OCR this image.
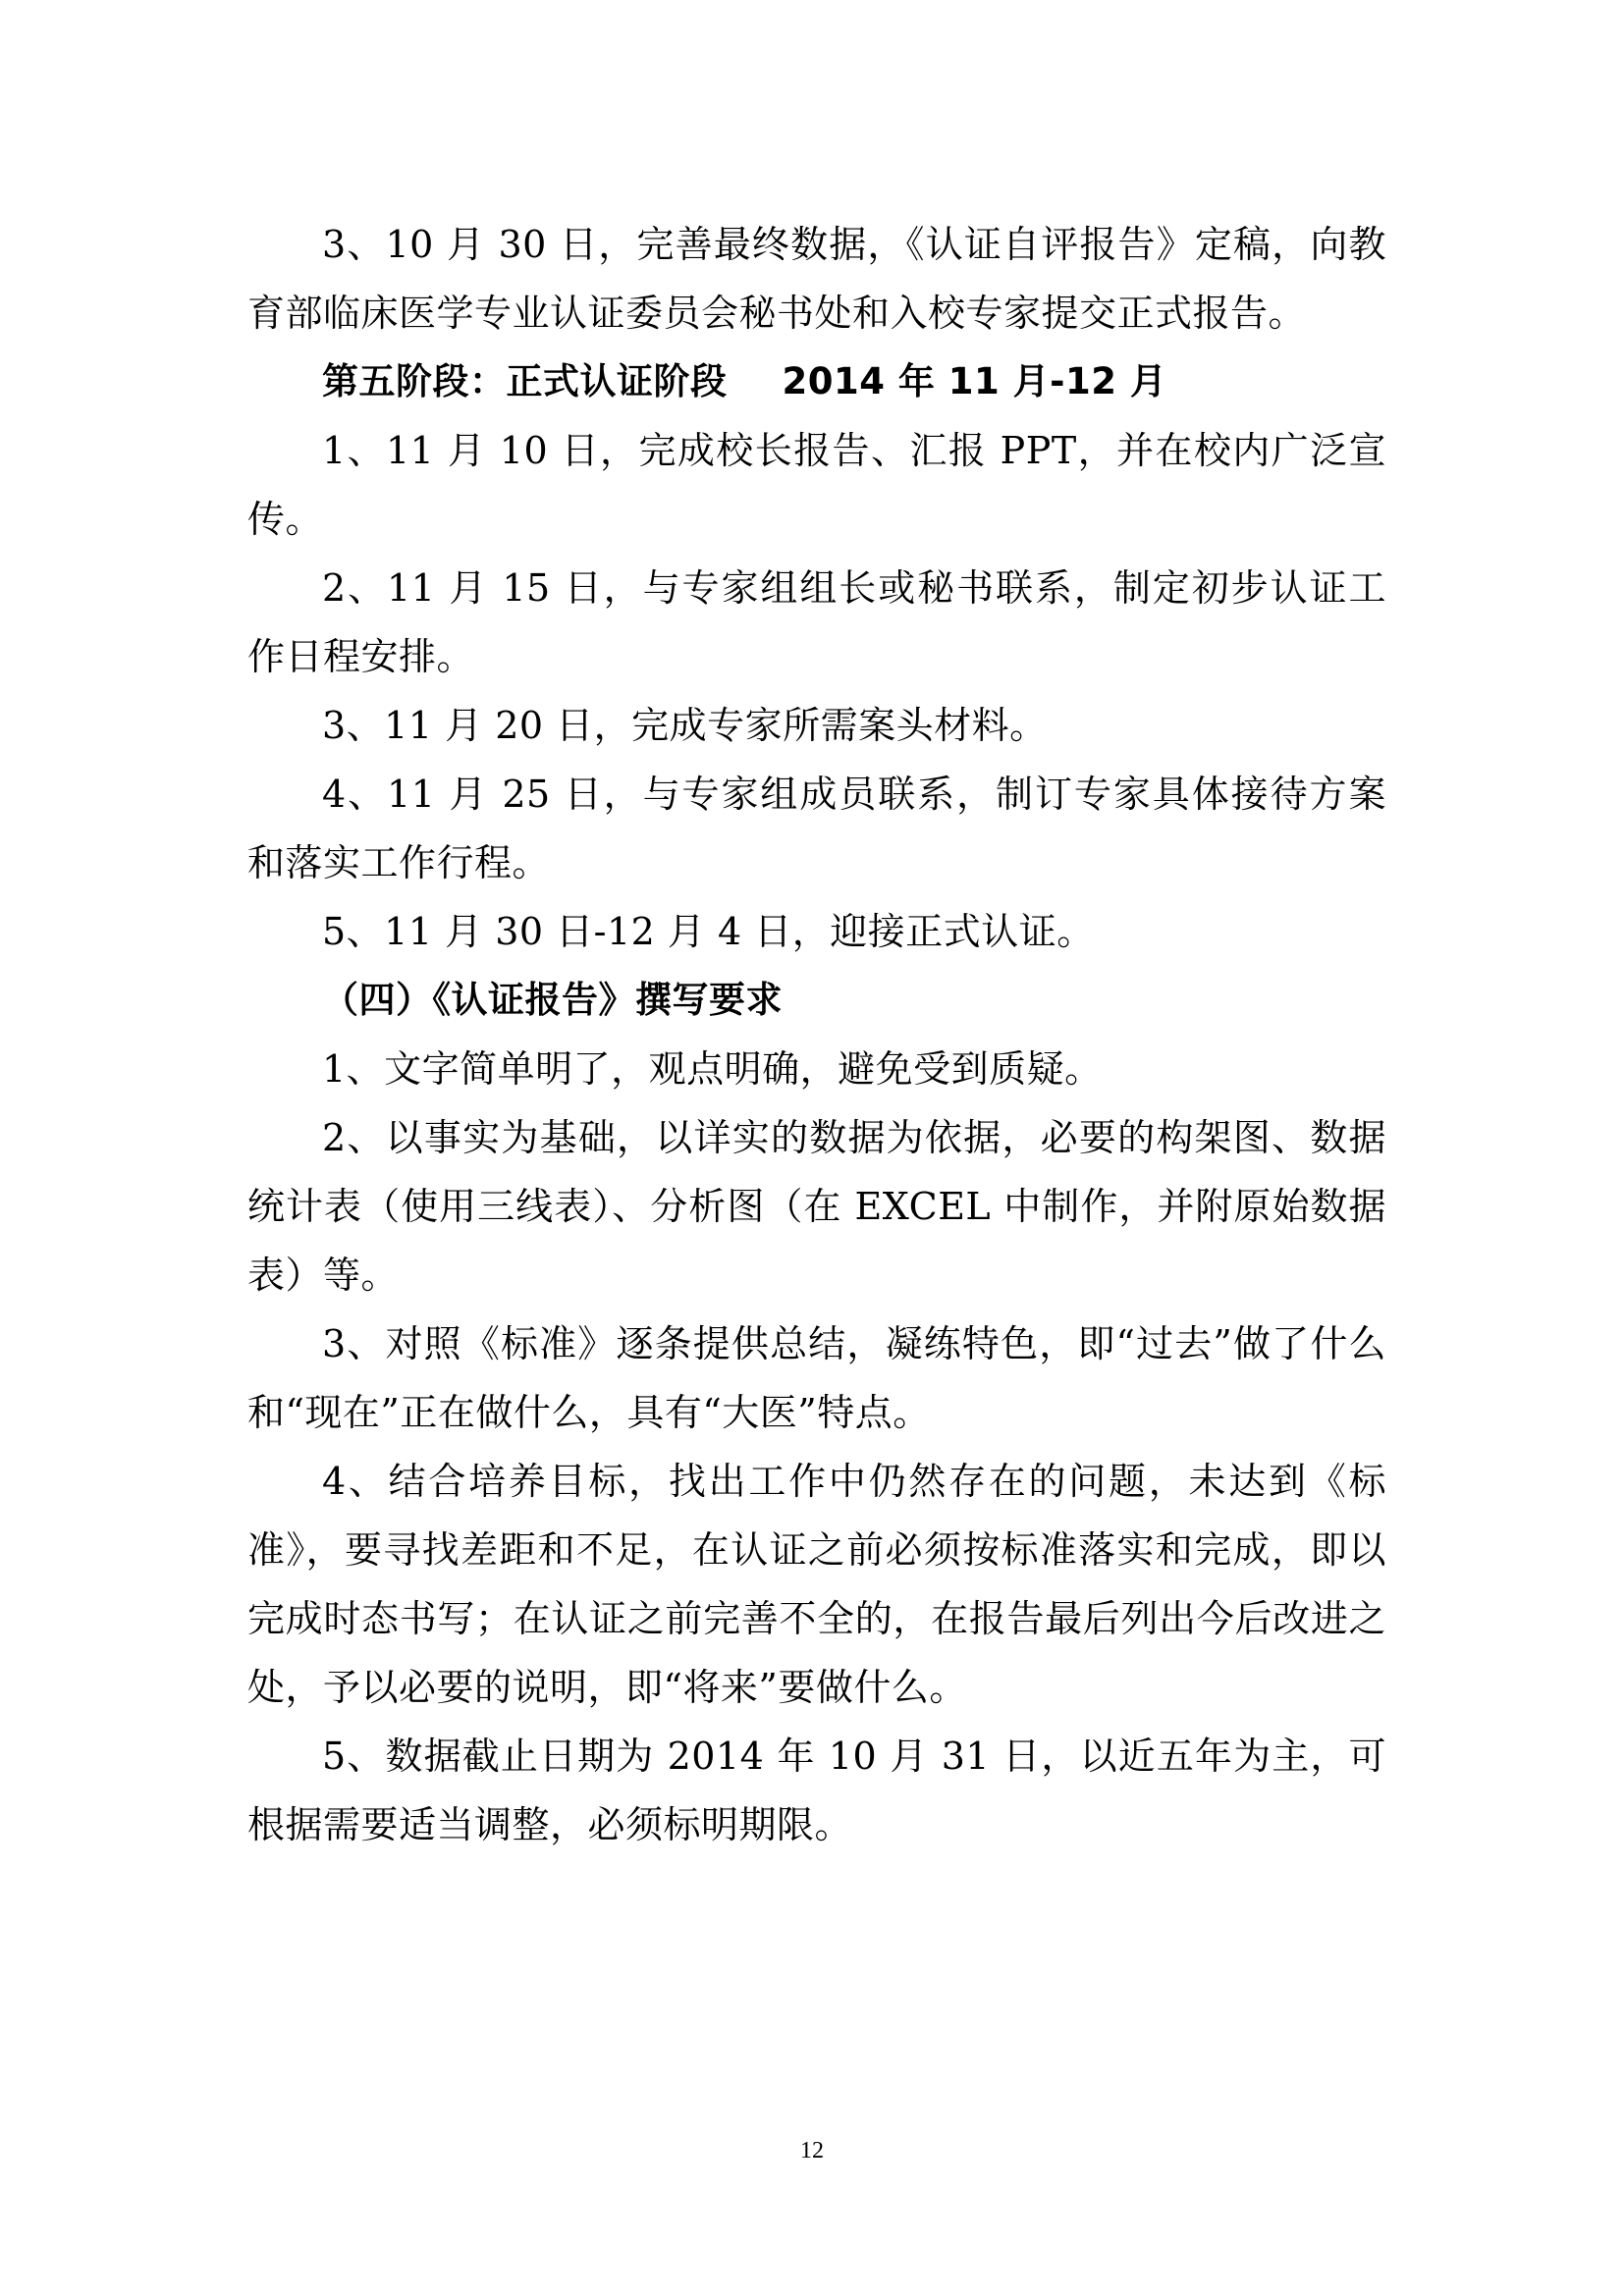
3、10 月 30 日，完善最终数据，《认证自评报告》定稿，向教育部临床医学专业认证委员会秘书处和入校专家提交正式报告。

第五阶段：正式认证阶段 2014 年 11 月-12 月

1、11 月 10 日，完成校长报告、汇报 PPT，并在校内广泛宣传。

2、11 月 15 日，与专家组组长或秘书联系，制定初步认证工作日程安排。

3、11 月 20 日，完成专家所需案头材料。

4、11 月 25 日，与专家组成员联系，制订专家具体接待方案和落实工作行程。

5、11 月 30 日-12 月 4 日，迎接正式认证。

（四）《认证报告》撰写要求

1、文字简单明了，观点明确，避免受到质疑。

2、以事实为基础，以详实的数据为依据，必要的构架图、数据统计表（使用三线表）、分析图（在 EXCEL 中制作，并附原始数据表）等。

3、对照《标准》逐条提供总结，凝练特色，即“过去”做了什么和“现在”正在做什么，具有“大医”特点。

4、结合培养目标，找出工作中仍然存在的问题，未达到《标准》，要寻找差距和不足，在认证之前必须按标准落实和完成，即以完成时态书写；在认证之前完善不全的，在报告最后列出今后改进之处，予以必要的说明，即“将来”要做什么。

5、数据截止日期为 2014 年 10 月 31 日，以近五年为主，可根据需要适当调整，必须标明期限。

12
